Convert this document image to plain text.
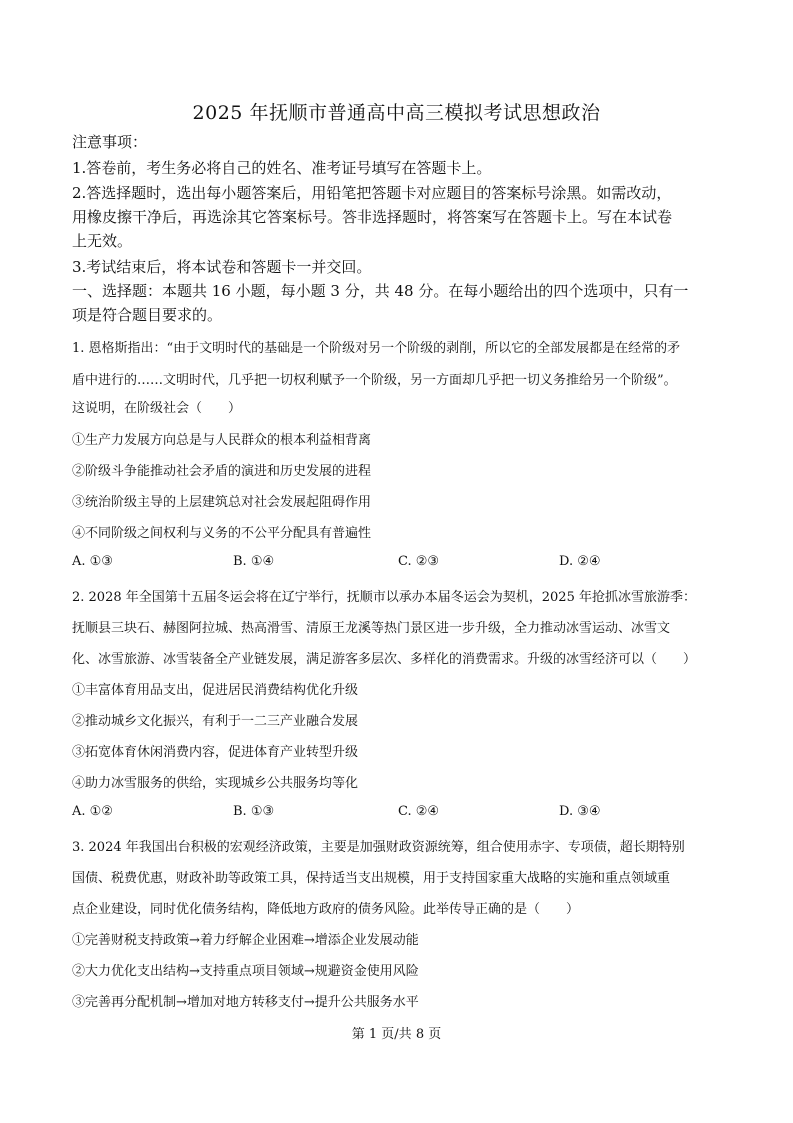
2025 年抚顺市普通高中高三模拟考试思想政治
注意事项：
1.答卷前，考生务必将自己的姓名、准考证号填写在答题卡上。
2.答选择题时，选出每小题答案后，用铅笔把答题卡对应题目的答案标号涂黑。如需改动，
用橡皮擦干净后，再选涂其它答案标号。答非选择题时，将答案写在答题卡上。写在本试卷
上无效。
3.考试结束后，将本试卷和答题卡一并交回。
一、选择题：本题共 16 小题，每小题 3 分，共 48 分。在每小题给出的四个选项中，只有一
项是符合题目要求的。
1. 恩格斯指出：“由于文明时代的基础是一个阶级对另一个阶级的剥削，所以它的全部发展都是在经常的矛
盾中进行的……文明时代，几乎把一切权利赋予一个阶级，另一方面却几乎把一切义务推给另一个阶级”。
这说明，在阶级社会（　　）
①生产力发展方向总是与人民群众的根本利益相背离
②阶级斗争能推动社会矛盾的演进和历史发展的进程
③统治阶级主导的上层建筑总对社会发展起阻碍作用
④不同阶级之间权利与义务的不公平分配具有普遍性
A. ①③	B. ①④	C. ②③	D. ②④
2. 2028 年全国第十五届冬运会将在辽宁举行，抚顺市以承办本届冬运会为契机，2025 年抢抓冰雪旅游季：
抚顺县三块石、赫图阿拉城、热高滑雪、清原王龙溪等热门景区进一步升级，全力推动冰雪运动、冰雪文
化、冰雪旅游、冰雪装备全产业链发展，满足游客多层次、多样化的消费需求。升级的冰雪经济可以（　　）
①丰富体育用品支出，促进居民消费结构优化升级
②推动城乡文化振兴，有利于一二三产业融合发展
③拓宽体育休闲消费内容，促进体育产业转型升级
④助力冰雪服务的供给，实现城乡公共服务均等化
A. ①②	B. ①③	C. ②④	D. ③④
3. 2024 年我国出台积极的宏观经济政策，主要是加强财政资源统筹，组合使用赤字、专项债，超长期特别
国债、税费优惠，财政补助等政策工具，保持适当支出规模，用于支持国家重大战略的实施和重点领域重
点企业建设，同时优化债务结构，降低地方政府的债务风险。此举传导正确的是（　　）
①完善财税支持政策→着力纾解企业困难→增添企业发展动能
②大力优化支出结构→支持重点项目领域→规避资金使用风险
③完善再分配机制→增加对地方转移支付→提升公共服务水平
第 1 页/共 8 页
